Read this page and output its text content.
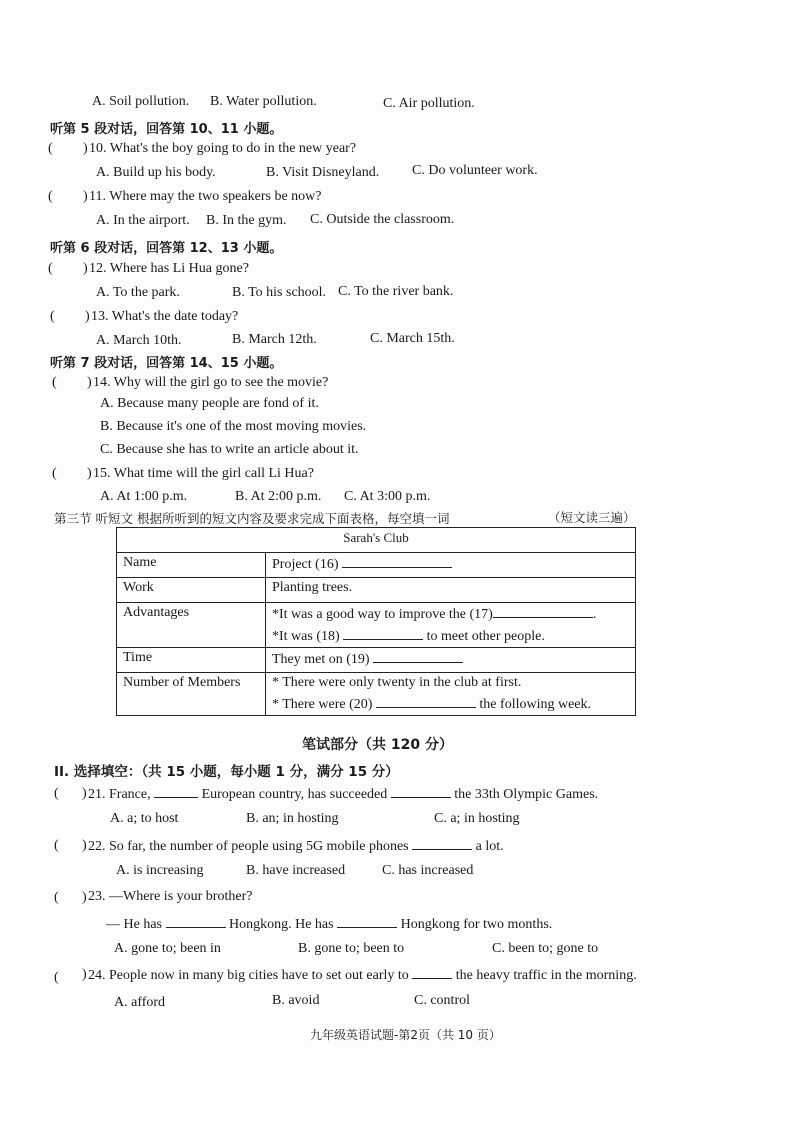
A. Soil pollution. B. Water pollution.	C. Air pollution.
听第 5 段对话，回答第 10、11 小题。
( ) 10. What's the boy going to do in the new year?
A. Build up his body.	B. Visit Disneyland. C. Do volunteer work.
( ) 11. Where may the two speakers be now?
A. In the airport. B. In the gym. C. Outside the classroom.
听第 6 段对话，回答第 12、13 小题。
( ) 12. Where has Li Hua gone?
A. To the park.	B. To his school. C. To the river bank.
( ) 13. What's the date today?
A. March 10th.	B. March 12th.	C. March 15th.
听第 7 段对话，回答第 14、15 小题。
( ) 14. Why will the girl go to see the movie?
A. Because many people are fond of it.
B. Because it's one of the most moving movies.
C. Because she has to write an article about it.
( ) 15. What time will the girl call Li Hua?
A. At 1:00 p.m.	B. At 2:00 p.m. C. At 3:00 p.m.
第三节 听短文 根据所听到的短文内容及要求完成下面表格，每空填一词	（短文读三遍）
Sarah's Club	
Name	Project (16)
Work	Planting trees.
Advantages	*It was a good way to improve the (17) .
*It was (18) to meet other people.

Time	They met on (19)
Number of Members	* There were only twenty in the club at first.
* There were (20) the following week.
笔试部分（共 120 分）
II. 选择填空：（共 15 小题，每小题 1 分，满分 15 分）
( ) 21. France,	European country, has succeeded	the 33th Olympic Games.
A. a; to host	B. an; in hosting	C. a; in hosting
( ) 22. So far, the number of people using 5G mobile phones	a lot.
A. is increasing	B. have increased	C. has increased
( ) 23. —Where is your brother?
— He has	Hongkong. He has	Hongkong for two months.
A. gone to; been in	B. gone to; been to	C. been to; gone to
( ) 24. People now in many big cities have to set out early to	the heavy traffic in the morning.
A. afford	B. avoid	C. control
九年级英语试题-第2页（共 10 页）
